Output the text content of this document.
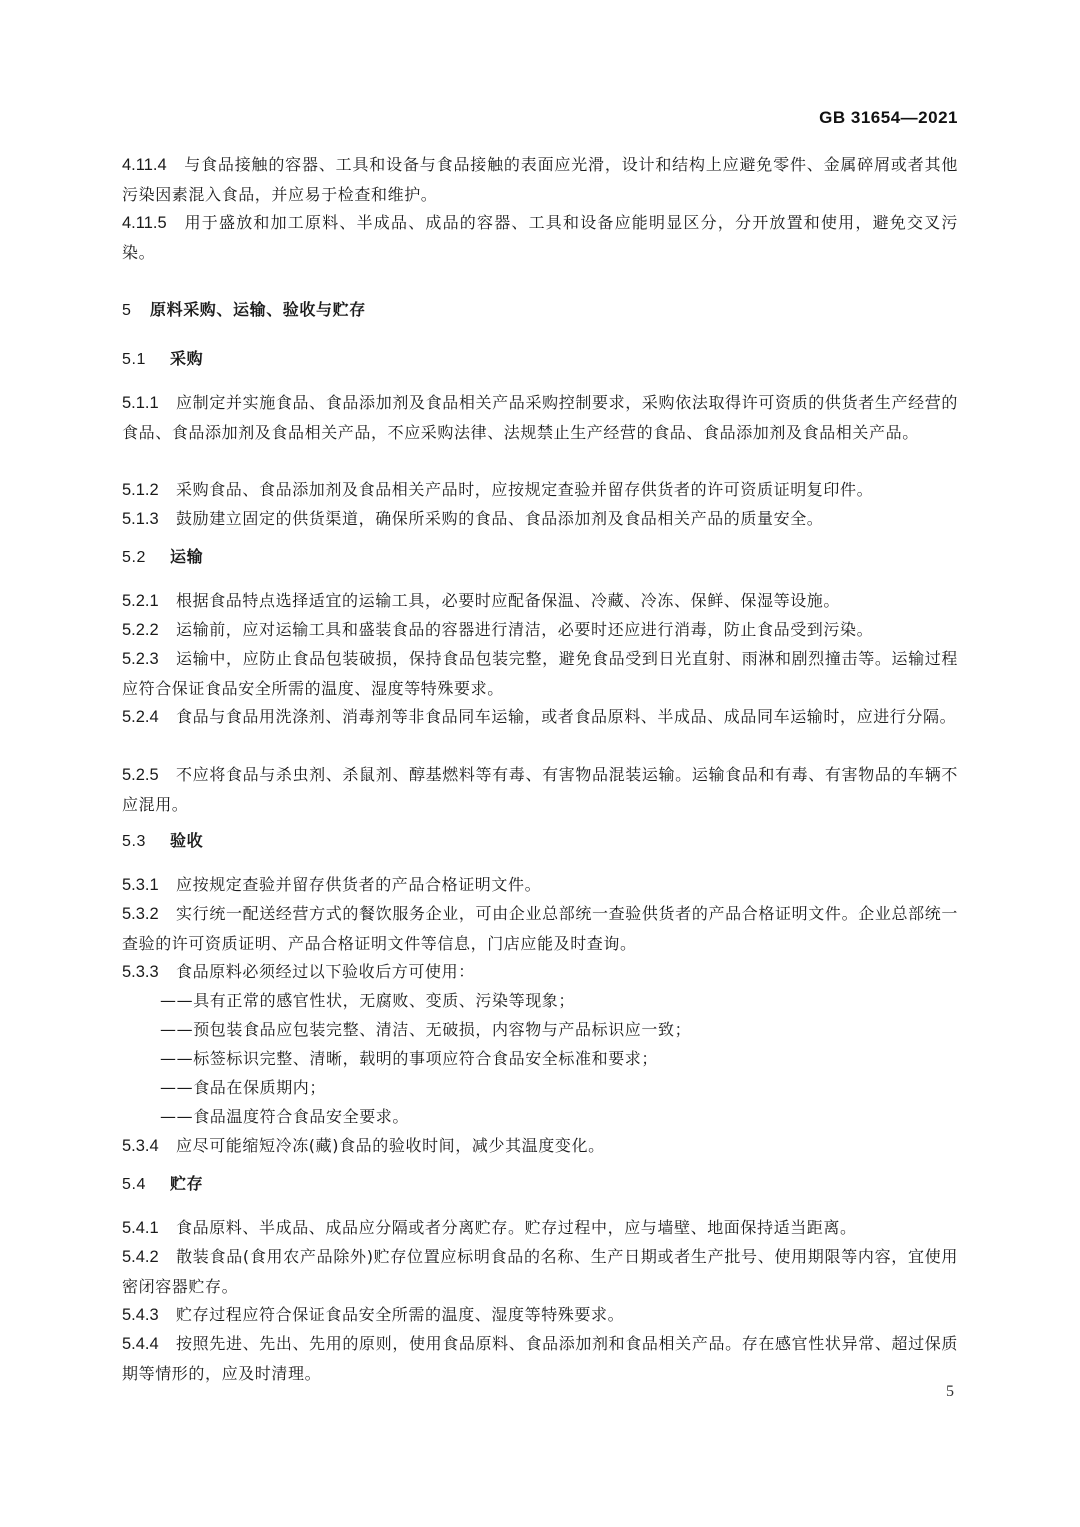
GB 31654—2021

4.11.4 与食品接触的容器、工具和设备与食品接触的表面应光滑，设计和结构上应避免零件、金属碎屑或者其他污染因素混入食品，并应易于检查和维护。

4.11.5 用于盛放和加工原料、半成品、成品的容器、工具和设备应能明显区分，分开放置和使用，避免交叉污染。

5 原料采购、运输、验收与贮存
5.1 采购

5.1.1 应制定并实施食品、食品添加剂及食品相关产品采购控制要求，采购依法取得许可资质的供货者生产经营的食品、食品添加剂及食品相关产品，不应采购法律、法规禁止生产经营的食品、食品添加剂及食品相关产品。

5.1.2 采购食品、食品添加剂及食品相关产品时，应按规定查验并留存供货者的许可资质证明复印件。

5.1.3 鼓励建立固定的供货渠道，确保所采购的食品、食品添加剂及食品相关产品的质量安全。

5.2 运输

5.2.1 根据食品特点选择适宜的运输工具，必要时应配备保温、冷藏、冷冻、保鲜、保湿等设施。

5.2.2 运输前，应对运输工具和盛装食品的容器进行清洁，必要时还应进行消毒，防止食品受到污染。

5.2.3 运输中，应防止食品包装破损，保持食品包装完整，避免食品受到日光直射、雨淋和剧烈撞击等。运输过程应符合保证食品安全所需的温度、湿度等特殊要求。

5.2.4 食品与食品用洗涤剂、消毒剂等非食品同车运输，或者食品原料、半成品、成品同车运输时，应进行分隔。

5.2.5 不应将食品与杀虫剂、杀鼠剂、醇基燃料等有毒、有害物品混装运输。运输食品和有毒、有害物品的车辆不应混用。

5.3 验收

5.3.1 应按规定查验并留存供货者的产品合格证明文件。

5.3.2 实行统一配送经营方式的餐饮服务企业，可由企业总部统一查验供货者的产品合格证明文件。企业总部统一查验的许可资质证明、产品合格证明文件等信息，门店应能及时查询。

5.3.3 食品原料必须经过以下验收后方可使用：

——具有正常的感官性状，无腐败、变质、污染等现象；

——预包装食品应包装完整、清洁、无破损，内容物与产品标识应一致；

——标签标识完整、清晰，载明的事项应符合食品安全标准和要求；

——食品在保质期内；

——食品温度符合食品安全要求。

5.3.4 应尽可能缩短冷冻(藏)食品的验收时间，减少其温度变化。

5.4 贮存

5.4.1 食品原料、半成品、成品应分隔或者分离贮存。贮存过程中，应与墙壁、地面保持适当距离。

5.4.2 散装食品(食用农产品除外)贮存位置应标明食品的名称、生产日期或者生产批号、使用期限等内容，宜使用密闭容器贮存。

5.4.3 贮存过程应符合保证食品安全所需的温度、湿度等特殊要求。

5.4.4 按照先进、先出、先用的原则，使用食品原料、食品添加剂和食品相关产品。存在感官性状异常、超过保质期等情形的，应及时清理。

5
